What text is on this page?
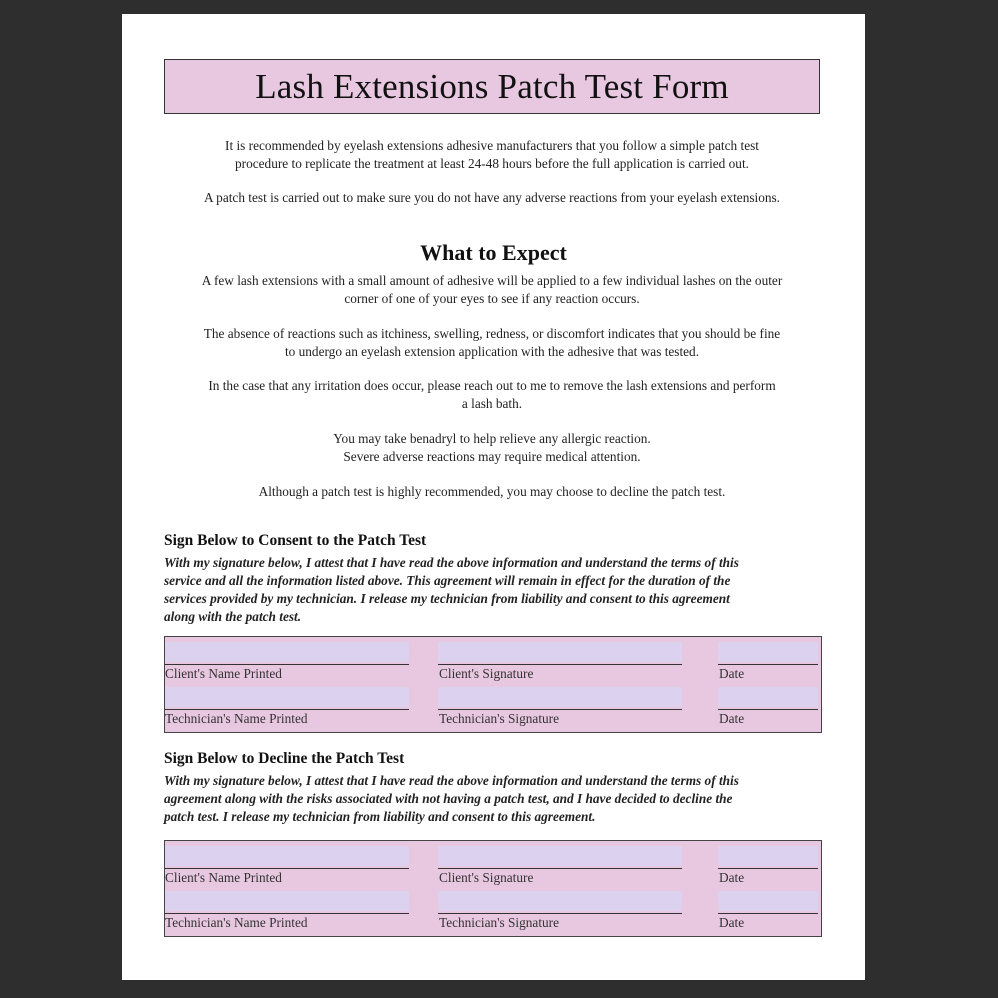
Lash Extensions Patch Test Form

It is recommended by eyelash extensions adhesive manufacturers that you follow a simple patch test
procedure to replicate the treatment at least 24-48 hours before the full application is carried out.

A patch test is carried out to make sure you do not have any adverse reactions from your eyelash extensions.

What to Expect

A few lash extensions with a small amount of adhesive will be applied to a few individual lashes on the outer
corner of one of your eyes to see if any reaction occurs.

The absence of reactions such as itchiness, swelling, redness, or discomfort indicates that you should be fine
to undergo an eyelash extension application with the adhesive that was tested.

In the case that any irritation does occur, please reach out to me to remove the lash extensions and perform
a lash bath.

You may take benadryl to help relieve any allergic reaction.
Severe adverse reactions may require medical attention.

Although a patch test is highly recommended, you may choose to decline the patch test.

Sign Below to Consent to the Patch Test

With my signature below, I attest that I have read the above information and understand the terms of this
service and all the information listed above. This agreement will remain in effect for the duration of the
services provided by my technician. I release my technician from liability and consent to this agreement
along with the patch test.

Client's Name Printed	Client's Signature	Date
Technician's Name Printed	Technician's Signature	Date
Sign Below to Decline the Patch Test

With my signature below, I attest that I have read the above information and understand the terms of this
agreement along with the risks associated with not having a patch test, and I have decided to decline the
patch test. I release my technician from liability and consent to this agreement.

Client's Name Printed	Client's Signature	Date
Technician's Name Printed	Technician's Signature	Date
